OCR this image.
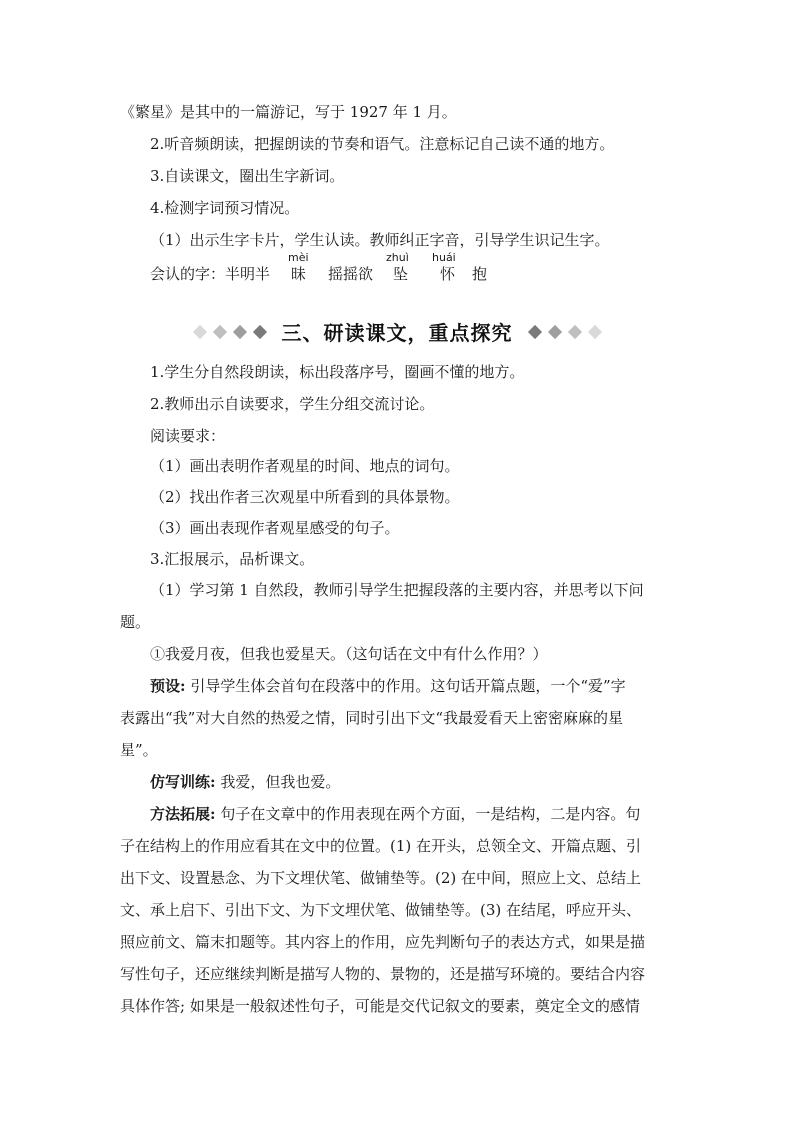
《繁星》是其中的一篇游记，写于 1927 年 1 月。
2.听音频朗读，把握朗读的节奏和语气。注意标记自己读不通的地方。
3.自读课文，圈出生字新词。
4.检测字词预习情况。
（1）出示生字卡片，学生认读。教师纠正字音，引导学生识记生字。
会认的字：半明半
mèi
昧 摇摇欲
zhuì
坠
huái
怀 抱
三、研读课文，重点探究
1.学生分自然段朗读，标出段落序号，圈画不懂的地方。
2.教师出示自读要求，学生分组交流讨论。
阅读要求：
（1）画出表明作者观星的时间、地点的词句。
（2）找出作者三次观星中所看到的具体景物。
（3）画出表现作者观星感受的句子。
3.汇报展示，品析课文。
（1）学习第 1 自然段，教师引导学生把握段落的主要内容，并思考以下问
题。
①我爱月夜，但我也爱星天。（这句话在文中有什么作用？）
预设: 引导学生体会首句在段落中的作用。这句话开篇点题，一个“爱”字
表露出“我”对大自然的热爱之情，同时引出下文“我最爱看天上密密麻麻的星
星”。
仿写训练: 我爱，但我也爱。
方法拓展: 句子在文章中的作用表现在两个方面，一是结构，二是内容。句
子在结构上的作用应看其在文中的位置。(1) 在开头，总领全文、开篇点题、引
出下文、设置悬念、为下文埋伏笔、做铺垫等。(2) 在中间，照应上文、总结上
文、承上启下、引出下文、为下文埋伏笔、做铺垫等。(3) 在结尾，呼应开头、
照应前文、篇末扣题等。其内容上的作用，应先判断句子的表达方式，如果是描
写性句子，还应继续判断是描写人物的、景物的，还是描写环境的。要结合内容
具体作答; 如果是一般叙述性句子，可能是交代记叙文的要素，奠定全文的感情
